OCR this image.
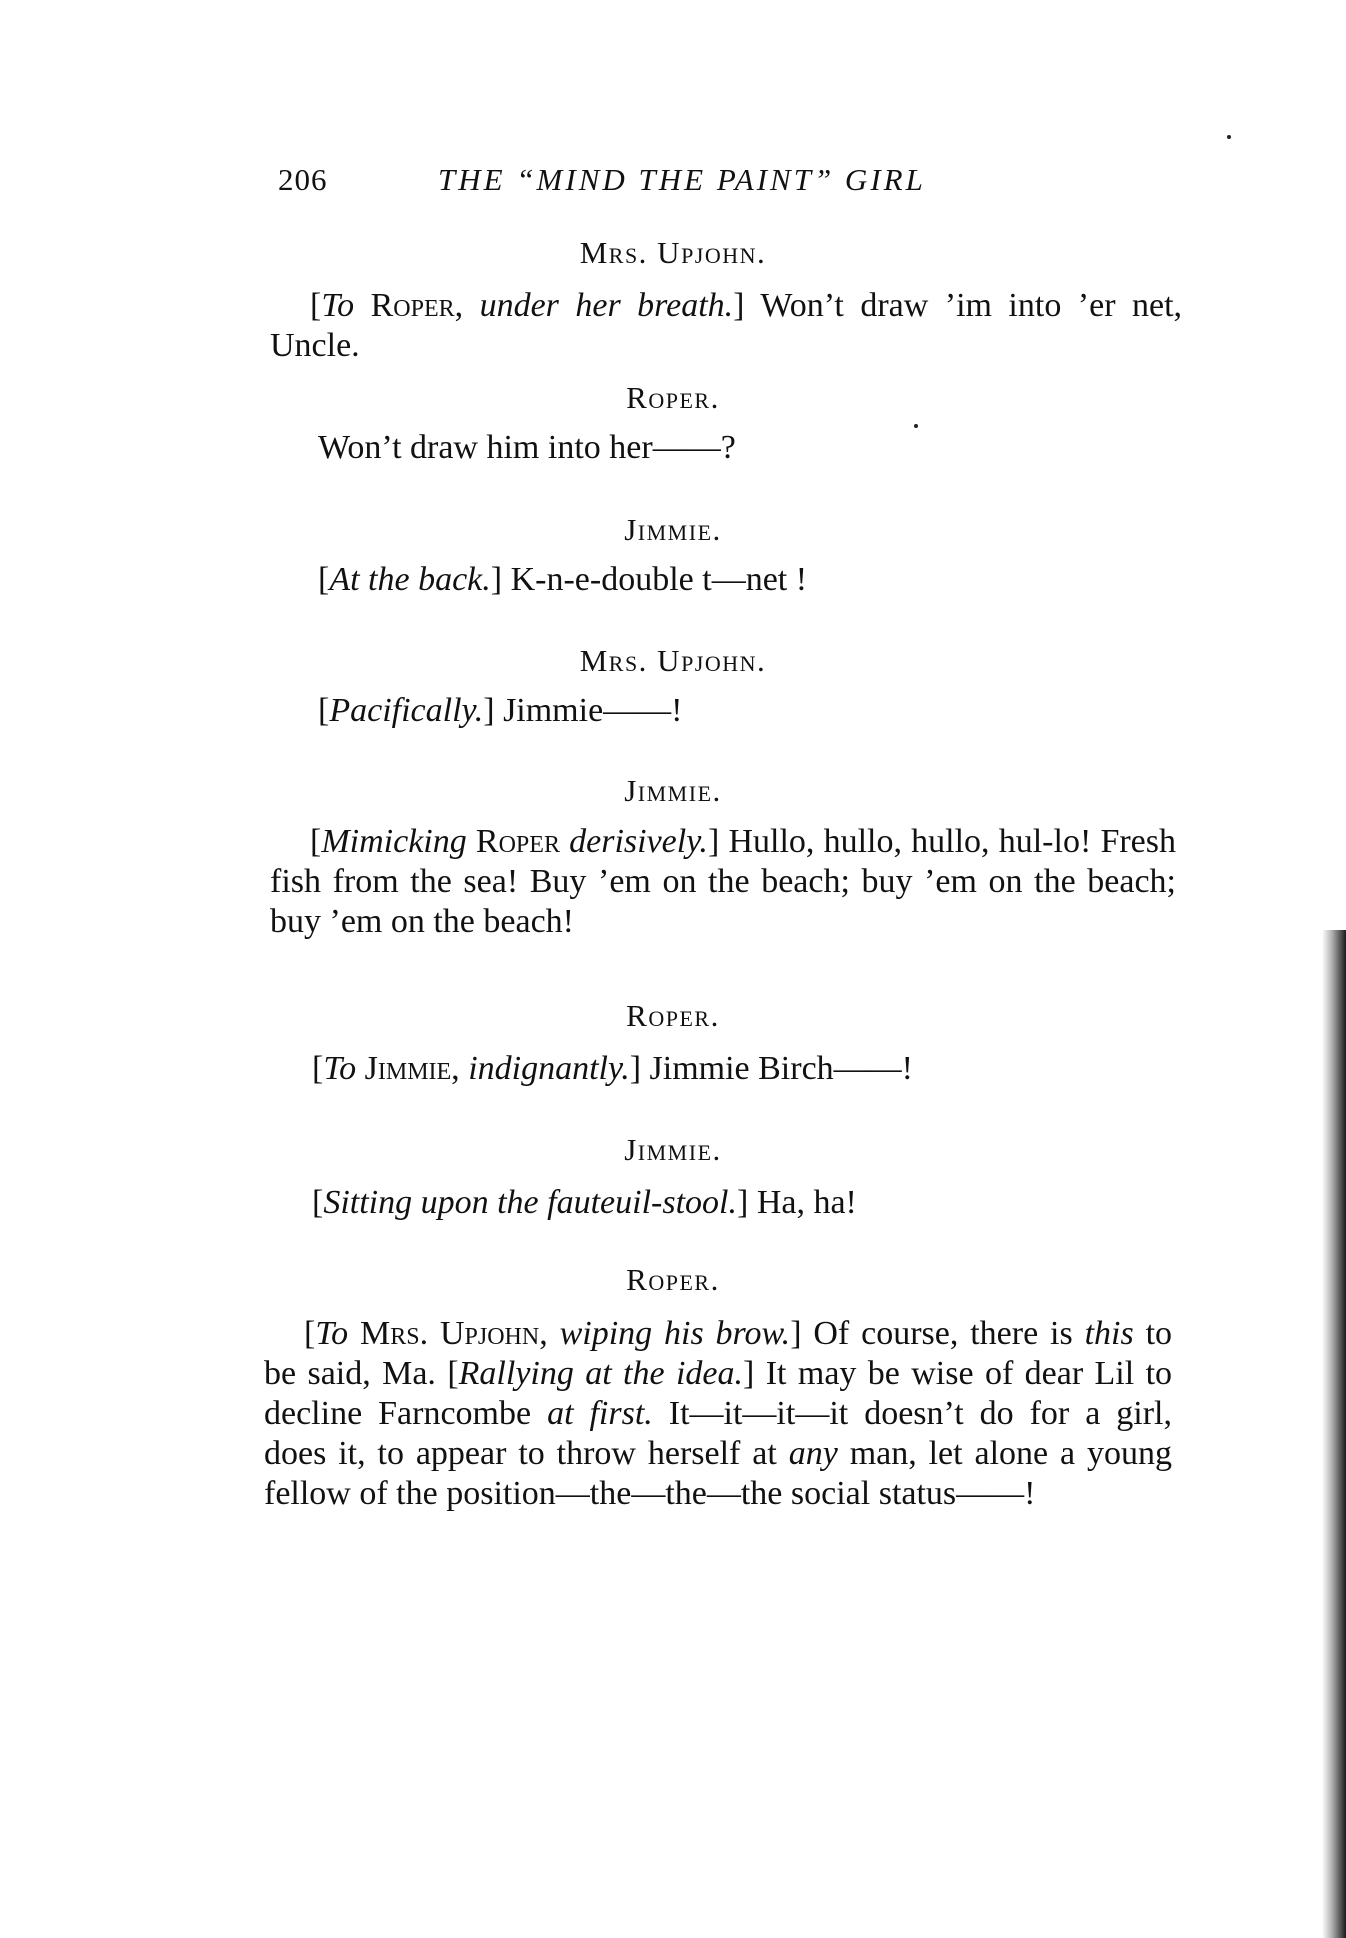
206	THE “MIND THE PAINT” GIRL
Mrs. Upjohn.

[To Roper, under her breath.] Won’t draw ’im into ’er net, Uncle.

Roper.
Won’t draw him into her——?
Jimmie.
[At the back.] K-n-e-double t—net !
Mrs. Upjohn.
[Pacifically.] Jimmie——!
Jimmie.

[Mimicking Roper derisively.] Hullo, hullo, hullo, hul-lo! Fresh fish from the sea! Buy ’em on the beach; buy ’em on the beach; buy ’em on the beach!

Roper.
[To Jimmie, indignantly.] Jimmie Birch——!
Jimmie.
[Sitting upon the fauteuil-stool.] Ha, ha!
Roper.

[To Mrs. Upjohn, wiping his brow.] Of course, there is this to be said, Ma. [Rallying at the idea.] It may be wise of dear Lil to decline Farncombe at first. It—it—it—it doesn’t do for a girl, does it, to appear to throw herself at any man, let alone a young fellow of the position—the—the—the social status——!
